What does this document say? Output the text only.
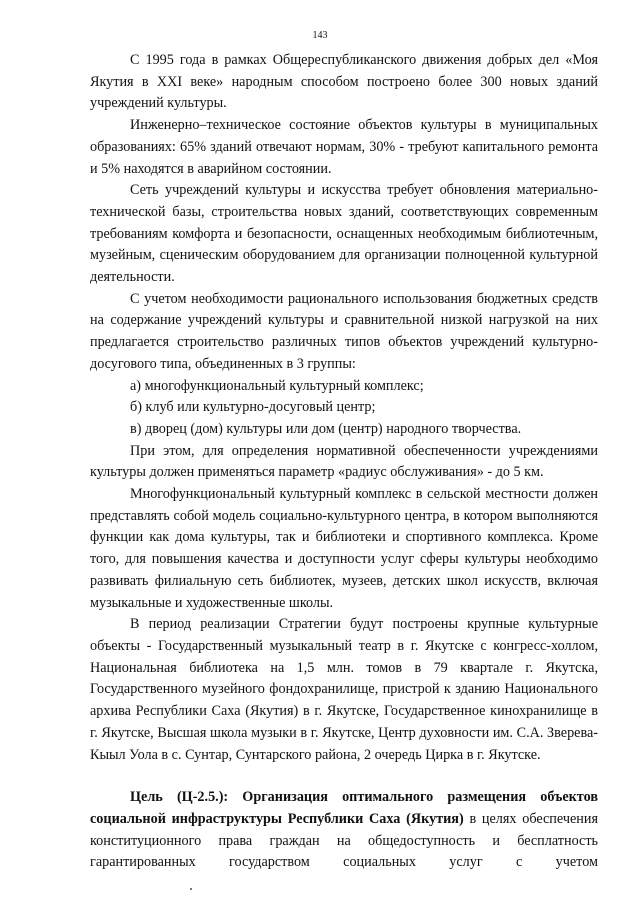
143

С 1995 года в рамках Общереспубликанского движения добрых дел «Моя Якутия в XXI веке» народным способом построено более 300 новых зданий учреждений культуры.

Инженерно–техническое состояние объектов культуры в муниципальных образованиях: 65% зданий отвечают нормам, 30% - требуют капитального ремонта и 5% находятся в аварийном состоянии.

Сеть учреждений культуры и искусства требует обновления материально-технической базы, строительства новых зданий, соответствующих современным требованиям комфорта и безопасности, оснащенных необходимым библиотечным, музейным, сценическим оборудованием для организации полноценной культурной деятельности.

С учетом необходимости рационального использования бюджетных средств на содержание учреждений культуры и сравнительной низкой нагрузкой на них предлагается строительство различных типов объектов учреждений культурно-досугового типа, объединенных в 3 группы:

а) многофункциональный культурный комплекс;

б) клуб или культурно-досуговый центр;

в) дворец (дом) культуры или дом (центр) народного творчества.

При этом, для определения нормативной обеспеченности учреждениями культуры должен применяться параметр «радиус обслуживания» - до 5 км.

Многофункциональный культурный комплекс в сельской местности должен представлять собой модель социально-культурного центра, в котором выполняются функции как дома культуры, так и библиотеки и спортивного комплекса. Кроме того, для повышения качества и доступности услуг сферы культуры необходимо развивать филиальную сеть библиотек, музеев, детских школ искусств, включая музыкальные и художественные школы.

В период реализации Стратегии будут построены крупные культурные объекты - Государственный музыкальный театр в г. Якутске с конгресс-холлом, Национальная библиотека на 1,5 млн. томов в 79 квартале г. Якутска, Государственного музейного фондохранилище, пристрой к зданию Национального архива Республики Саха (Якутия) в г. Якутске, Государственное кинохранилище в г. Якутске, Высшая школа музыки в г. Якутске, Центр духовности им. С.А. Зверева-Кыыл Уола в с. Сунтар, Сунтарского района, 2 очередь Цирка в г. Якутске.

Цель (Ц-2.5.): Организация оптимального размещения объектов социальной инфраструктуры Республики Саха (Якутия) в целях обеспечения конституционного права граждан на общедоступность и бесплатность гарантированных государством социальных услуг с учетом
